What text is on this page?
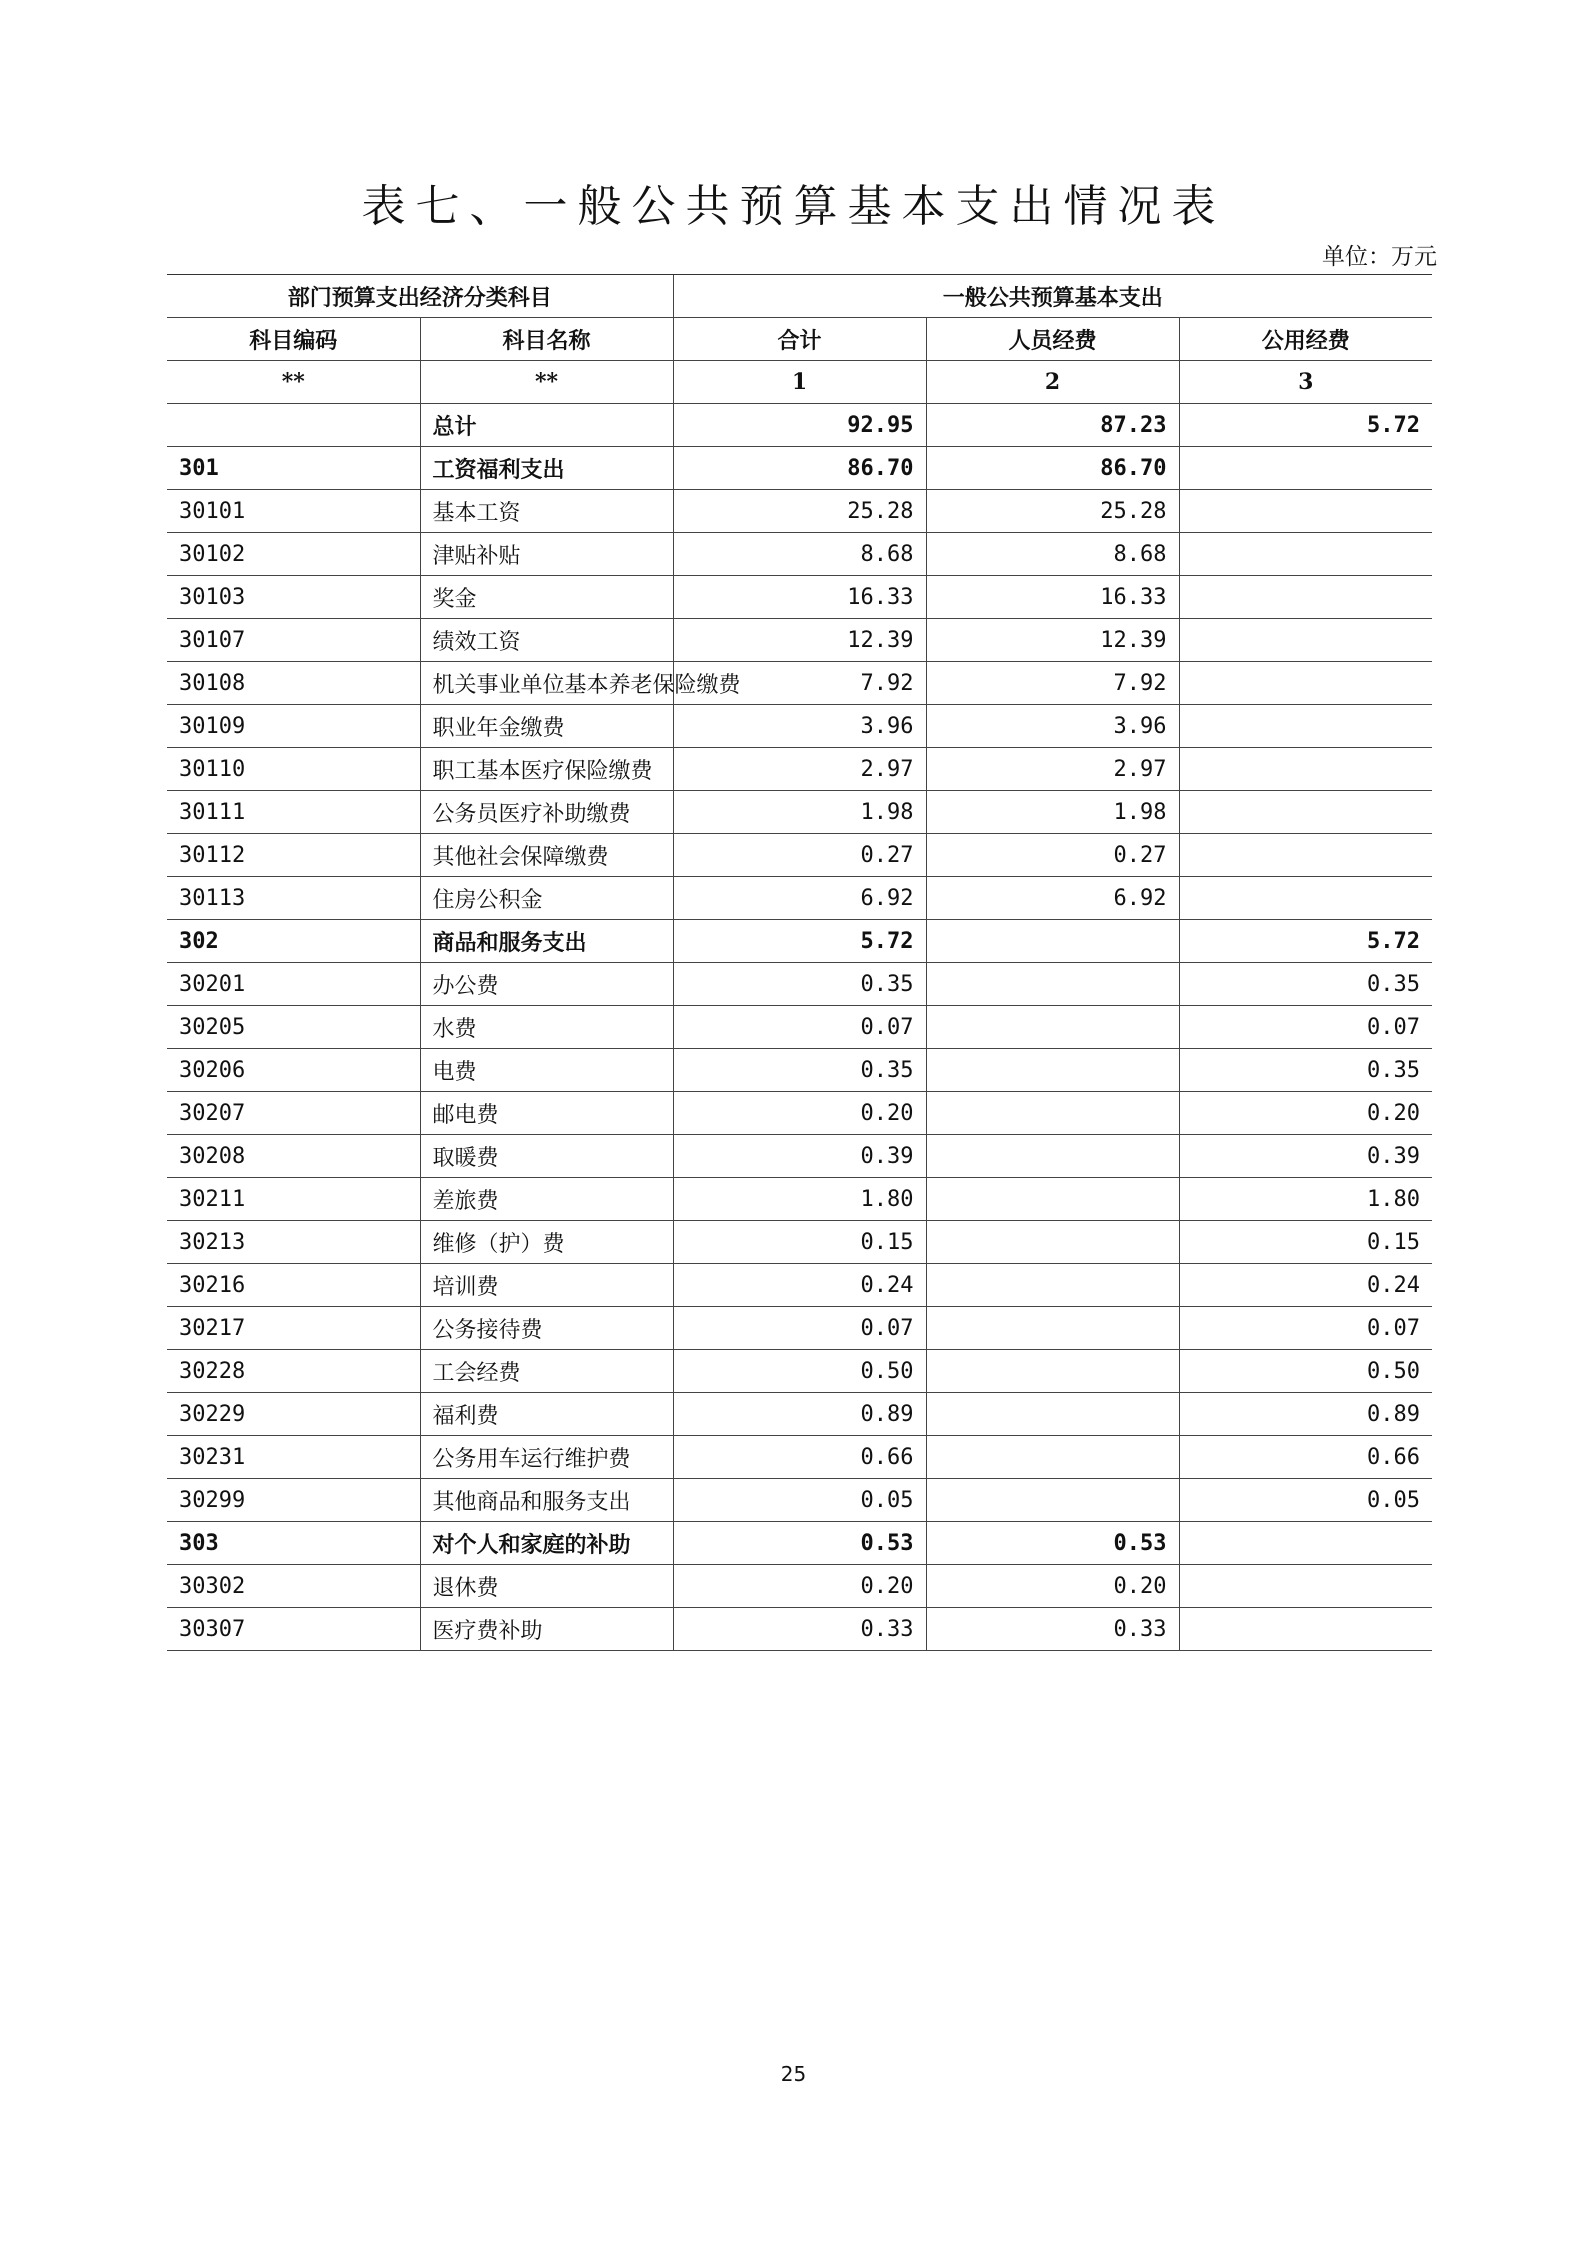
表七、一般公共预算基本支出情况表
单位：万元
部门预算支出经济分类科目		一般公共预算基本支出		
科目编码	科目名称	合计	人员经费	公用经费
**	**	1	2	3
	总计	92.95	87.23	5.72
301	工资福利支出	86.70	86.70	
30101	基本工资	25.28	25.28	
30102	津贴补贴	8.68	8.68	
30103	奖金	16.33	16.33	
30107	绩效工资	12.39	12.39	
30108	机关事业单位基本养老保险缴费	7.92	7.92	
30109	职业年金缴费	3.96	3.96	
30110	职工基本医疗保险缴费	2.97	2.97	
30111	公务员医疗补助缴费	1.98	1.98	
30112	其他社会保障缴费	0.27	0.27	
30113	住房公积金	6.92	6.92	
302	商品和服务支出	5.72		5.72
30201	办公费	0.35		0.35
30205	水费	0.07		0.07
30206	电费	0.35		0.35
30207	邮电费	0.20		0.20
30208	取暖费	0.39		0.39
30211	差旅费	1.80		1.80
30213	维修（护）费	0.15		0.15
30216	培训费	0.24		0.24
30217	公务接待费	0.07		0.07
30228	工会经费	0.50		0.50
30229	福利费	0.89		0.89
30231	公务用车运行维护费	0.66		0.66
30299	其他商品和服务支出	0.05		0.05
303	对个人和家庭的补助	0.53	0.53	
30302	退休费	0.20	0.20	
30307	医疗费补助	0.33	0.33	
25
